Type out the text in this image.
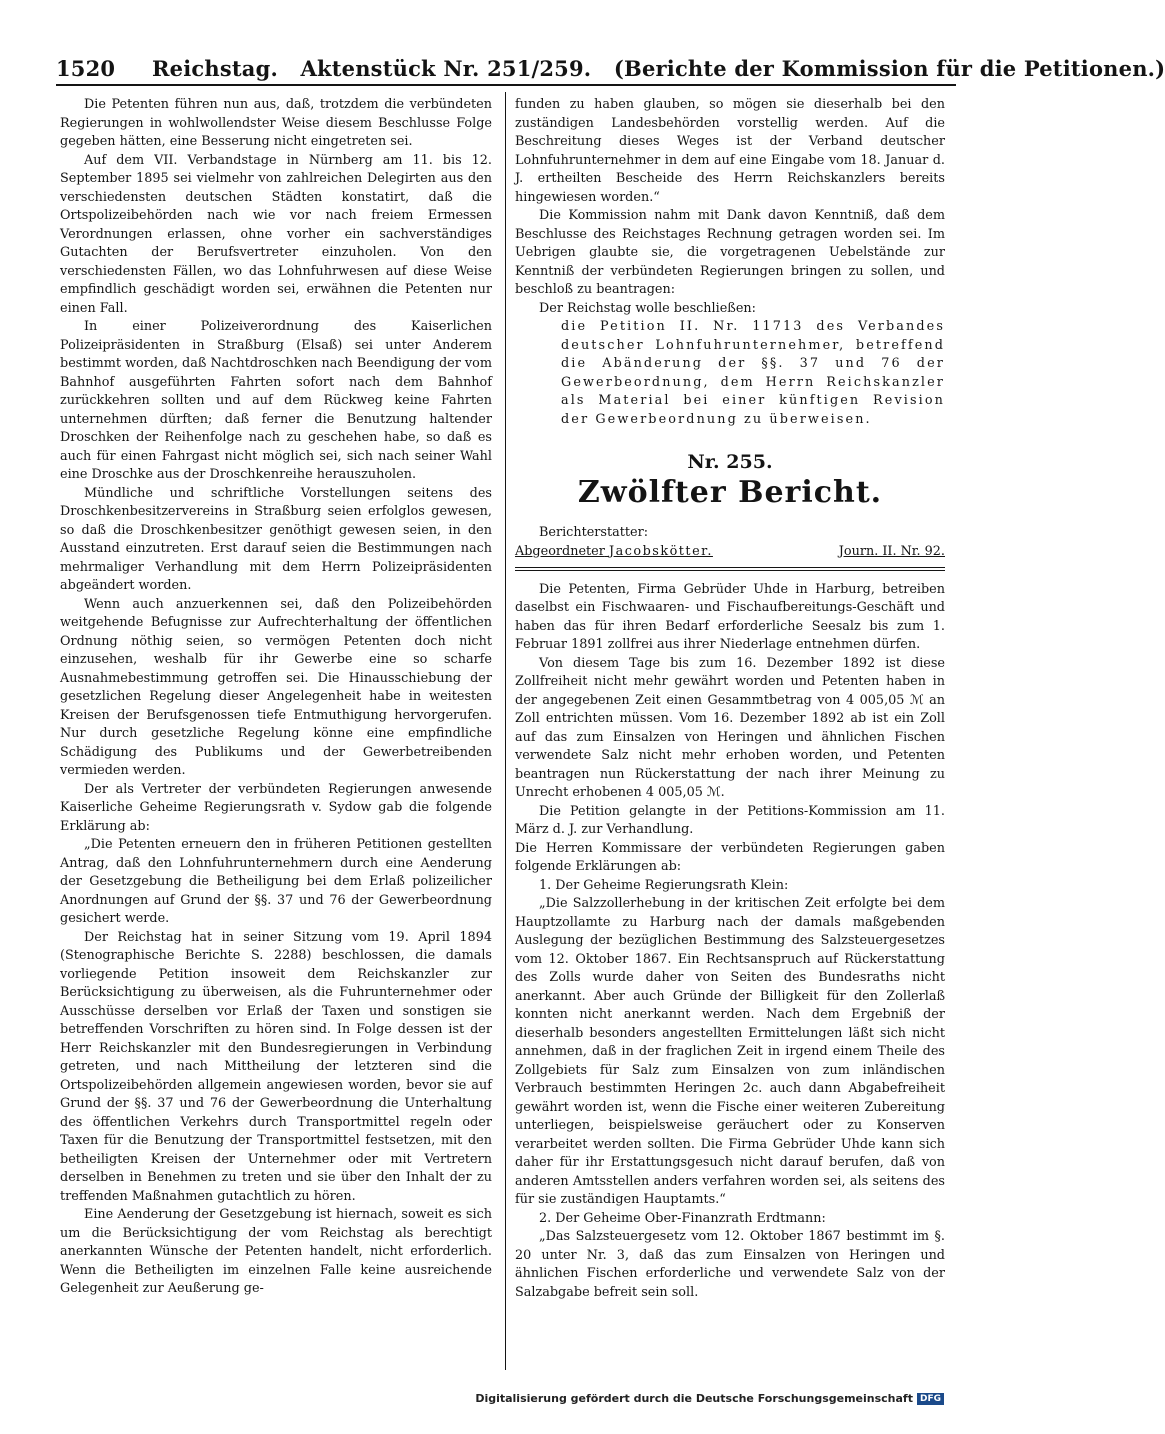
1520 Reichstag.   Aktenstück Nr. 251/259.   (Berichte der Kommission für die Petitionen.)

Die Petenten führen nun aus, daß, trotzdem die verbündeten Regierungen in wohlwollendster Weise diesem Beschlusse Folge gegeben hätten, eine Besserung nicht eingetreten sei.

Auf dem VII. Verbandstage in Nürnberg am 11. bis 12. September 1895 sei vielmehr von zahlreichen Delegirten aus den verschiedensten deutschen Städten konstatirt, daß die Ortspolizeibehörden nach wie vor nach freiem Ermessen Verordnungen erlassen, ohne vorher ein sachverständiges Gutachten der Berufsvertreter einzuholen. Von den verschiedensten Fällen, wo das Lohnfuhrwesen auf diese Weise empfindlich geschädigt worden sei, erwähnen die Petenten nur einen Fall.

In einer Polizeiverordnung des Kaiserlichen Polizeipräsidenten in Straßburg (Elsaß) sei unter Anderem bestimmt worden, daß Nachtdroschken nach Beendigung der vom Bahnhof ausgeführten Fahrten sofort nach dem Bahnhof zurückkehren sollten und auf dem Rückweg keine Fahrten unternehmen dürften; daß ferner die Benutzung haltender Droschken der Reihenfolge nach zu geschehen habe, so daß es auch für einen Fahrgast nicht möglich sei, sich nach seiner Wahl eine Droschke aus der Droschkenreihe herauszuholen.

Mündliche und schriftliche Vorstellungen seitens des Droschkenbesitzervereins in Straßburg seien erfolglos gewesen, so daß die Droschkenbesitzer genöthigt gewesen seien, in den Ausstand einzutreten. Erst darauf seien die Bestimmungen nach mehrmaliger Verhandlung mit dem Herrn Polizeipräsidenten abgeändert worden.

Wenn auch anzuerkennen sei, daß den Polizeibehörden weitgehende Befugnisse zur Aufrechterhaltung der öffentlichen Ordnung nöthig seien, so vermögen Petenten doch nicht einzusehen, weshalb für ihr Gewerbe eine so scharfe Ausnahmebestimmung getroffen sei. Die Hinausschiebung der gesetzlichen Regelung dieser Angelegenheit habe in weitesten Kreisen der Berufsgenossen tiefe Entmuthigung hervorgerufen. Nur durch gesetzliche Regelung könne eine empfindliche Schädigung des Publikums und der Gewerbetreibenden vermieden werden.

Der als Vertreter der verbündeten Regierungen anwesende Kaiserliche Geheime Regierungsrath v. Sydow gab die folgende Erklärung ab:

„Die Petenten erneuern den in früheren Petitionen gestellten Antrag, daß den Lohnfuhrunternehmern durch eine Aenderung der Gesetzgebung die Betheiligung bei dem Erlaß polizeilicher Anordnungen auf Grund der §§. 37 und 76 der Gewerbeordnung gesichert werde.

Der Reichstag hat in seiner Sitzung vom 19. April 1894 (Stenographische Berichte S. 2288) beschlossen, die damals vorliegende Petition insoweit dem Reichskanzler zur Berücksichtigung zu überweisen, als die Fuhrunternehmer oder Ausschüsse derselben vor Erlaß der Taxen und sonstigen sie betreffenden Vorschriften zu hören sind. In Folge dessen ist der Herr Reichskanzler mit den Bundesregierungen in Verbindung getreten, und nach Mittheilung der letzteren sind die Ortspolizeibehörden allgemein angewiesen worden, bevor sie auf Grund der §§. 37 und 76 der Gewerbeordnung die Unterhaltung des öffentlichen Verkehrs durch Transportmittel regeln oder Taxen für die Benutzung der Transportmittel festsetzen, mit den betheiligten Kreisen der Unternehmer oder mit Vertretern derselben in Benehmen zu treten und sie über den Inhalt der zu treffenden Maßnahmen gutachtlich zu hören.

Eine Aenderung der Gesetzgebung ist hiernach, soweit es sich um die Berücksichtigung der vom Reichstag als berechtigt anerkannten Wünsche der Petenten handelt, nicht erforderlich. Wenn die Betheiligten im einzelnen Falle keine ausreichende Gelegenheit zur Aeußerung ge-

funden zu haben glauben, so mögen sie dieserhalb bei den zuständigen Landesbehörden vorstellig werden. Auf die Beschreitung dieses Weges ist der Verband deutscher Lohnfuhrunternehmer in dem auf eine Eingabe vom 18. Januar d. J. ertheilten Bescheide des Herrn Reichskanzlers bereits hingewiesen worden.“

Die Kommission nahm mit Dank davon Kenntniß, daß dem Beschlusse des Reichstages Rechnung getragen worden sei. Im Uebrigen glaubte sie, die vorgetragenen Uebelstände zur Kenntniß der verbündeten Regierungen bringen zu sollen, und beschloß zu beantragen:

Der Reichstag wolle beschließen:

die Petition II. Nr. 11713 des Verbandes deutscher Lohnfuhrunternehmer, betreffend die Abänderung der §§. 37 und 76 der Gewerbeordnung, dem Herrn Reichskanzler als Material bei einer künftigen Revision der Gewerbeordnung zu überweisen.

Nr. 255.
Zwölfter Bericht.
Berichterstatter:
Abgeordneter Jacobskötter.	Journ. II. Nr. 92.

Die Petenten, Firma Gebrüder Uhde in Harburg, betreiben daselbst ein Fischwaaren- und Fischaufbereitungs-Geschäft und haben das für ihren Bedarf erforderliche Seesalz bis zum 1. Februar 1891 zollfrei aus ihrer Niederlage entnehmen dürfen.

Von diesem Tage bis zum 16. Dezember 1892 ist diese Zollfreiheit nicht mehr gewährt worden und Petenten haben in der angegebenen Zeit einen Gesammtbetrag von 4 005,05 ℳ an Zoll entrichten müssen. Vom 16. Dezember 1892 ab ist ein Zoll auf das zum Einsalzen von Heringen und ähnlichen Fischen verwendete Salz nicht mehr erhoben worden, und Petenten beantragen nun Rückerstattung der nach ihrer Meinung zu Unrecht erhobenen 4 005,05 ℳ.

Die Petition gelangte in der Petitions-Kommission am 11. März d. J. zur Verhandlung.

Die Herren Kommissare der verbündeten Regierungen gaben folgende Erklärungen ab:

1. Der Geheime Regierungsrath Klein:

„Die Salzzollerhebung in der kritischen Zeit erfolgte bei dem Hauptzollamte zu Harburg nach der damals maßgebenden Auslegung der bezüglichen Bestimmung des Salzsteuergesetzes vom 12. Oktober 1867. Ein Rechtsanspruch auf Rückerstattung des Zolls wurde daher von Seiten des Bundesraths nicht anerkannt. Aber auch Gründe der Billigkeit für den Zollerlaß konnten nicht anerkannt werden. Nach dem Ergebniß der dieserhalb besonders angestellten Ermittelungen läßt sich nicht annehmen, daß in der fraglichen Zeit in irgend einem Theile des Zollgebiets für Salz zum Einsalzen von zum inländischen Verbrauch bestimmten Heringen 2c. auch dann Abgabefreiheit gewährt worden ist, wenn die Fische einer weiteren Zubereitung unterliegen, beispielsweise geräuchert oder zu Konserven verarbeitet werden sollten. Die Firma Gebrüder Uhde kann sich daher für ihr Erstattungsgesuch nicht darauf berufen, daß von anderen Amtsstellen anders verfahren worden sei, als seitens des für sie zuständigen Hauptamts.“

2. Der Geheime Ober-Finanzrath Erdtmann:

„Das Salzsteuergesetz vom 12. Oktober 1867 bestimmt im §. 20 unter Nr. 3, daß das zum Einsalzen von Heringen und ähnlichen Fischen erforderliche und verwendete Salz von der Salzabgabe befreit sein soll.

Digitalisierung gefördert durch die Deutsche Forschungsgemeinschaft DFG
